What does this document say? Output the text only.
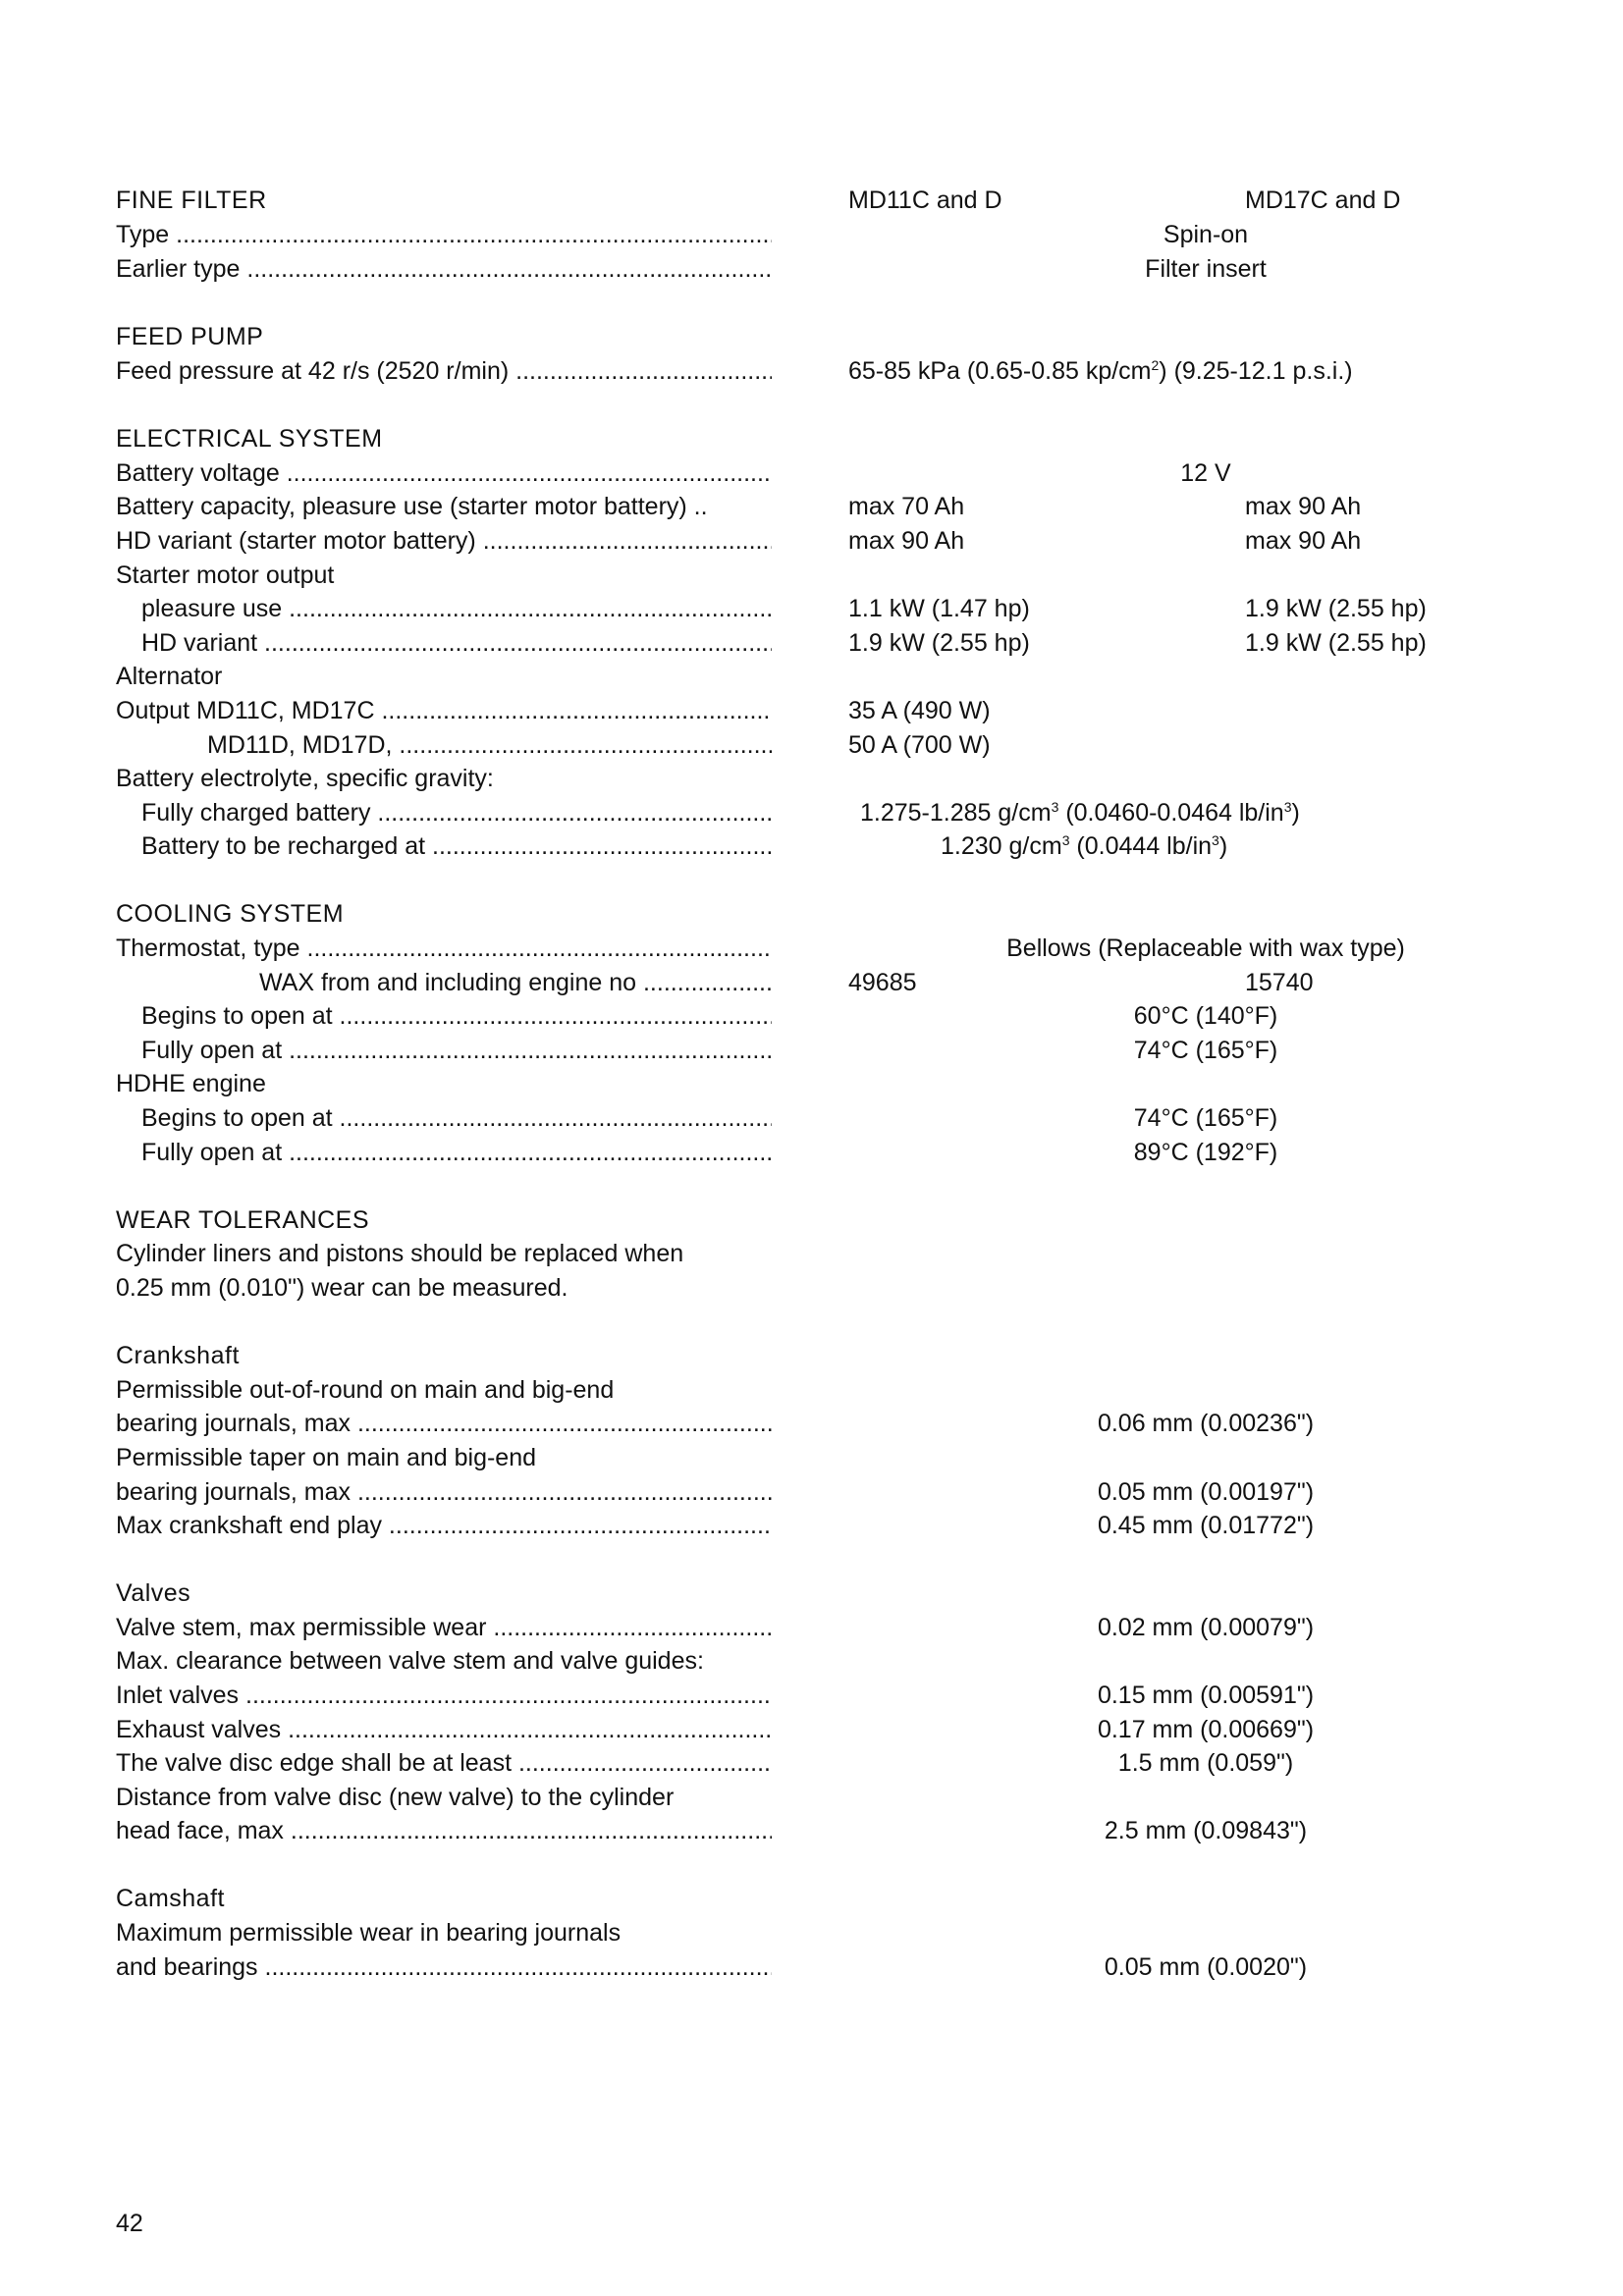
FINE FILTER	MD11C and D	MD17C and D
Type .....	Spin-on
Earlier type .....	Filter insert
FEED PUMP
Feed pressure at 42 r/s (2520 r/min) .....	65-85 kPa (0.65-0.85 $kp/cm^2$) (9.25-12.1 p.s.i.)
ELECTRICAL SYSTEM
Battery voltage .....	12 V
Battery capacity, pleasure use (starter motor battery) ..	max 70 Ah	max 90 Ah
HD variant (starter motor battery) .....	max 90 Ah	max 90 Ah
Starter motor output
pleasure use .....	1.1 kW (1.47 hp)	1.9 kW (2.55 hp)
HD variant .....	1.9 kW (2.55 hp)	1.9 kW (2.55 hp)
Alternator
Output MD11C, MD17C .....	35 A (490 W)
MD11D, MD17D, .....	50 A (700 W)
Battery electrolyte, specific gravity:
Fully charged battery .....	1.275-1.285 $g/cm^3$ (0.0460-0.0464 $lb/in^3$)
Battery to be recharged at .....	1.230 $g/cm^3$ (0.0444 $lb/in^3$)
COOLING SYSTEM
Thermostat, type .....	Bellows (Replaceable with wax type)
WAX from and including engine no .....	49685	15740
Begins to open at .....	60°C (140°F)
Fully open at .....	74°C (165°F)
HDHE engine
Begins to open at .....	74°C (165°F)
Fully open at .....	89°C (192°F)
WEAR TOLERANCES
Cylinder liners and pistons should be replaced when
0.25 mm (0.010") wear can be measured.
Crankshaft
Permissible out-of-round on main and big-end
bearing journals, max .....	0.06 mm (0.00236")
Permissible taper on main and big-end
bearing journals, max .....	0.05 mm (0.00197")
Max crankshaft end play .....	0.45 mm (0.01772")
Valves
Valve stem, max permissible wear .....	0.02 mm (0.00079")
Max. clearance between valve stem and valve guides:
Inlet valves .....	0.15 mm (0.00591")
Exhaust valves .....	0.17 mm (0.00669")
The valve disc edge shall be at least .....	1.5 mm (0.059")
Distance from valve disc (new valve) to the cylinder
head face, max .....	2.5 mm (0.09843")
Camshaft
Maximum permissible wear in bearing journals
and bearings .....	0.05 mm (0.0020")
42
